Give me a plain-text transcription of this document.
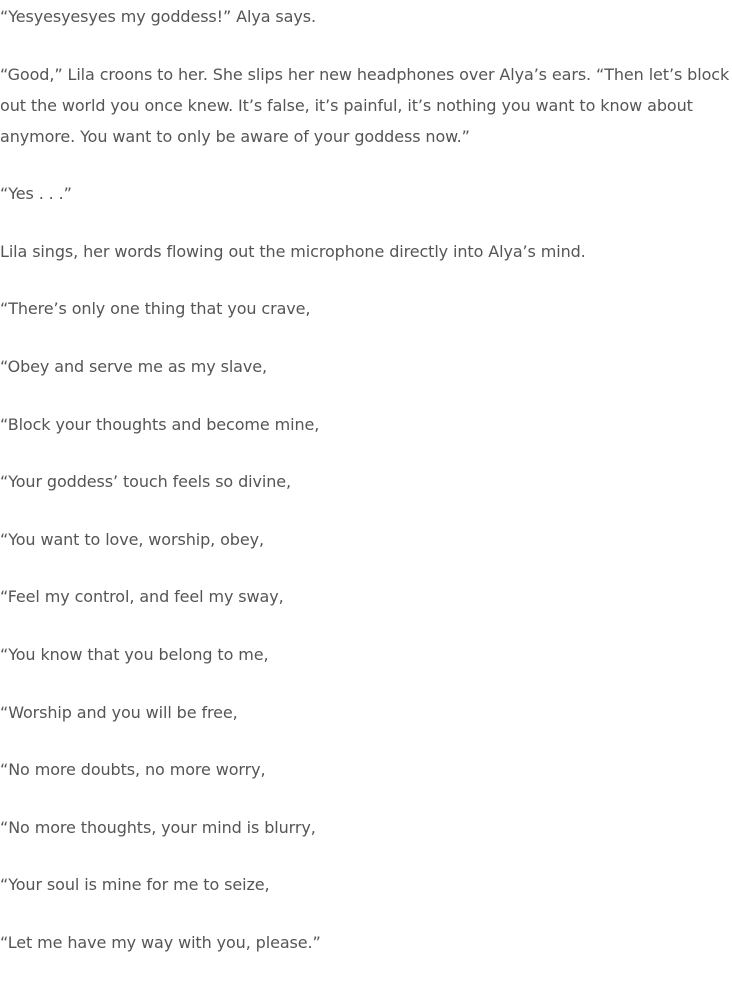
“Yesyesyesyes my goddess!” Alya says.

“Good,” Lila croons to her. She slips her new headphones over Alya’s ears. “Then let’s block out the world you once knew. It’s false, it’s painful, it’s nothing you want to know about anymore. You want to only be aware of your goddess now.”

“Yes . . .”

Lila sings, her words flowing out the microphone directly into Alya’s mind.

“There’s only one thing that you crave,

“Obey and serve me as my slave,

“Block your thoughts and become mine,

“Your goddess’ touch feels so divine,

“You want to love, worship, obey,

“Feel my control, and feel my sway,

“You know that you belong to me,

“Worship and you will be free,

“No more doubts, no more worry,

“No more thoughts, your mind is blurry,

“Your soul is mine for me to seize,

“Let me have my way with you, please.”
